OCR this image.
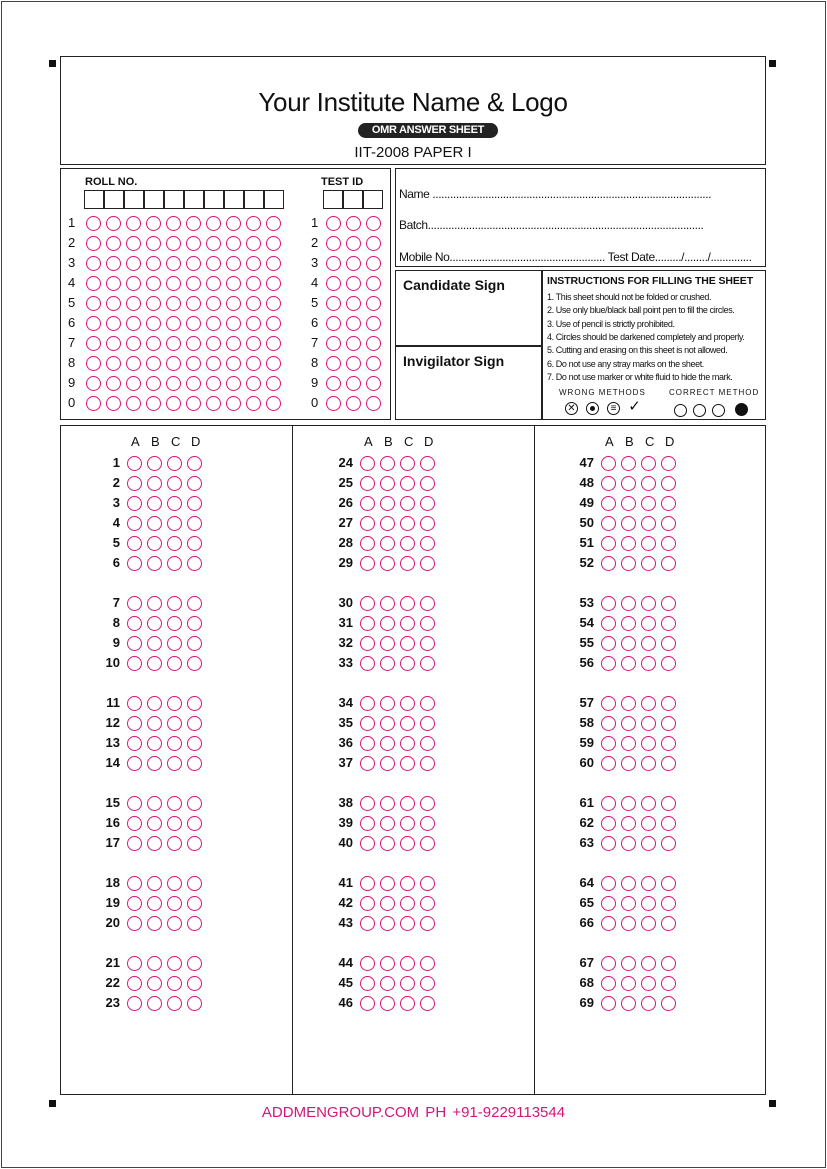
Your Institute Name & Logo
OMR ANSWER SHEET
IIT-2008 PAPER I
ROLL NO.	TEST ID
1	1
2	2
3	3
4	4
5	5
6	6
7	7
8	8
9	9
0	0
Name ...............................................................................................
Batch..............................................................................................
Mobile No..................................................... Test Date........./......../..............
Candidate Sign
Invigilator Sign
INSTRUCTIONS FOR FILLING THE SHEET
WRONG METHODS	CORRECT METHOD
✕	≡ ✓
1. This sheet should not be folded or crushed.
2. Use only blue/black ball point pen to fill the circles.
3. Use of pencil is strictly prohibited.
4. Circles should be darkened completely and properly.
5. Cutting and erasing on this sheet is not allowed.
6. Do not use any stray marks on the sheet.
7. Do not use marker or white fluid to hide the mark.
A B C D
1
2
3
4
5
6
7
8
9
10
11
12
13
14
15
16
17
18
19
20
21
22
23
A B C D
24
25
26
27
28
29
30
31
32
33
34
35
36
37
38
39
40
41
42
43
44
45
46
A B C D
47
48
49
50
51
52
53
54
55
56
57
58
59
60
61
62
63
64
65
66
67
68
69
ADDMENGROUP.COM PH +91-9229113544
